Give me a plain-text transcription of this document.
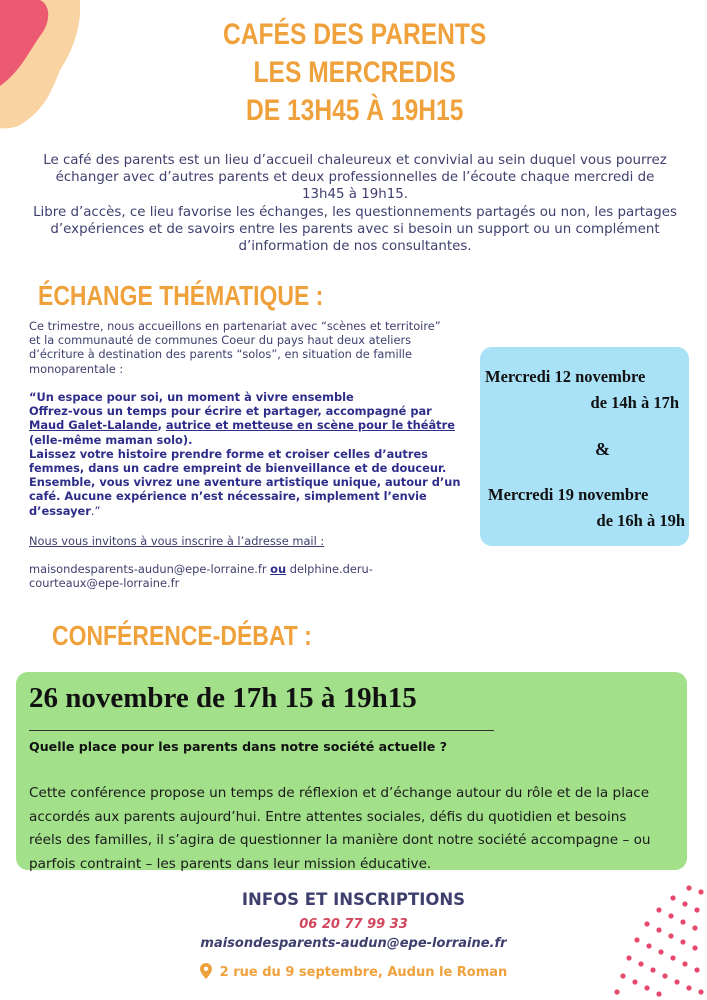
CAFÉS DES PARENTS
LES MERCREDIS
DE 13H45 À 19H15
Le café des parents est un lieu d’accueil chaleureux et convivial au sein duquel vous pourrez
échanger avec d’autres parents et deux professionnelles de l’écoute chaque mercredi de
13h45 à 19h15.
Libre d’accès, ce lieu favorise les échanges, les questionnements partagés ou non, les partages
d’expériences et de savoirs entre les parents avec si besoin un support ou un complément
d’information de nos consultantes.
ÉCHANGE THÉMATIQUE :
Ce trimestre, nous accueillons en partenariat avec “scènes et territoire”
et la communauté de communes Coeur du pays haut deux ateliers
d’écriture à destination des parents “solos”, en situation de famille
monoparentale :
“Un espace pour soi, un moment à vivre ensemble
Offrez-vous un temps pour écrire et partager, accompagné par
Maud Galet-Lalande, autrice et metteuse en scène pour le théâtre
(elle-même maman solo).
Laissez votre histoire prendre forme et croiser celles d’autres
femmes, dans un cadre empreint de bienveillance et de douceur.
Ensemble, vous vivrez une aventure artistique unique, autour d’un
café. Aucune expérience n’est nécessaire, simplement l’envie
d’essayer.”
Nous vous invitons à vous inscrire à l’adresse mail :
maisondesparents-audun@epe-lorraine.fr ou delphine.deru-
courteaux@epe-lorraine.fr
Mercredi 12 novembre
de 14h à 17h
&
Mercredi 19 novembre
de 16h à 19h
CONFÉRENCE-DÉBAT :
26 novembre de 17h 15 à 19h15
Quelle place pour les parents dans notre société actuelle ?
Cette conférence propose un temps de réflexion et d’échange autour du rôle et de la place
accordés aux parents aujourd’hui. Entre attentes sociales, défis du quotidien et besoins
réels des familles, il s’agira de questionner la manière dont notre société accompagne – ou
parfois contraint – les parents dans leur mission éducative.
INFOS ET INSCRIPTIONS
06 20 77 99 33
maisondesparents-audun@epe-lorraine.fr
2 rue du 9 septembre, Audun le Roman
